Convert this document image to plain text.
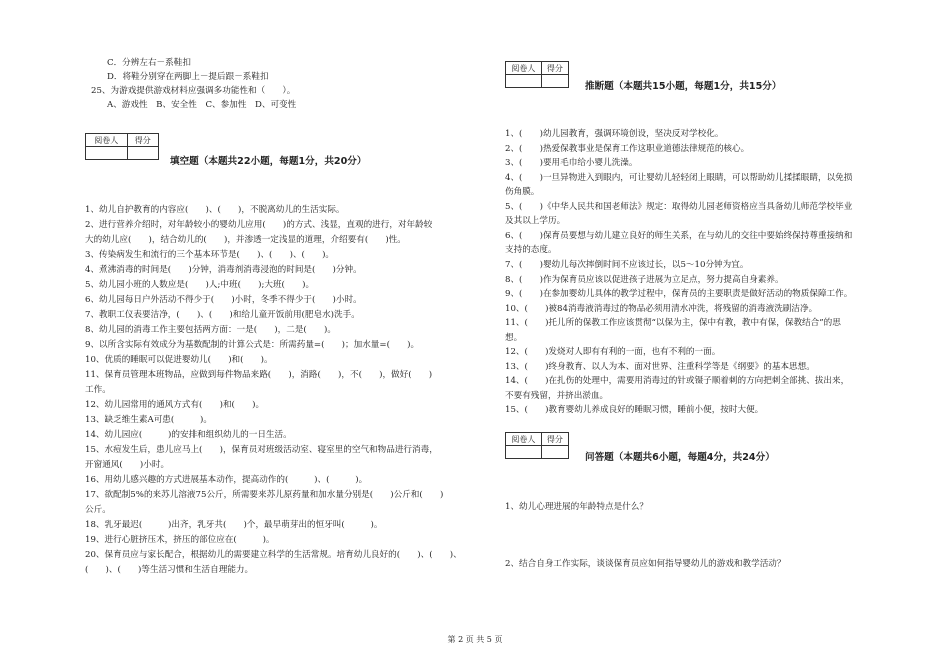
C．分辨左右－系鞋扣
D．将鞋分别穿在两脚上－提后跟－系鞋扣
25、为游戏提供游戏材料应强调多功能性和（　　）。
A、游戏性　B、安全性　C、参加性　D、可变性
阅卷人	得分

填空题（本题共22小题，每题1分，共20分）
1、幼儿自护教育的内容应(　　)、(　　)，不脱离幼儿的生活实际。
2、进行营养介绍时，对年龄较小的婴幼儿应用(　　)的方式、浅显，直观的进行，对年龄较
大的幼儿应(　　)，结合幼儿的(　　)，并渗透一定浅显的道理，介绍要有(　　)性。
3、传染病发生和流行的三个基本环节是(　　)、(　　)、(　　)。
4、煮沸消毒的时间是(　　)分钟，消毒剂消毒浸泡的时间是(　　)分钟。
5、幼儿园小班的人数应是(　　)人;中班(　　);大班(　　)。
6、幼儿园每日户外活动不得少于(　　)小时，冬季不得少于(　　)小时。
7、教职工仪表要洁净，(　　)、(　　)和给儿童开饭前用(肥皂水)洗手。
8、幼儿园的消毒工作主要包括两方面：一是(　　)，二是(　　)。
9、以所含实际有效成分为基数配制的计算公式是：所需药量=(　　)；加水量=(　　)。
10、优质的睡眠可以促进婴幼儿(　　)和(　　)。
11、保育员管理本班物品，应做到每件物品来路(　　)，消路(　　)，不(　　)，做好(　　)
工作。
12、幼儿园常用的通风方式有(　　)和(　　)。
13、缺乏维生素A可患(　　　)。
14、幼儿园应(　　　)的安排和组织幼儿的一日生活。
15、水痘发生后，患儿应马上(　　)，保育员对班级活动室、寝室里的空气和物品进行消毒，
开窗通风(　　)小时。
16、用幼儿感兴趣的方式进展基本动作，提高动作的(　　　)、(　　　)。
17、欲配制5%的来苏儿溶液75公斤，所需要来苏儿原药量和加水量分别是(　　)公斤和(　　)
公斤。
18、乳牙最迟(　　　)出齐，乳牙共(　　)个，最早萌芽出的恒牙叫(　　　)。
19、进行心脏挤压术，挤压的部位应在(　　　)。
20、保育员应与家长配合，根据幼儿的需要建立科学的生活常规。培育幼儿良好的(　　)、(　　)、
(　　)、(　　)等生活习惯和生活自理能力。
阅卷人	得分

推断题（本题共15小题，每题1分，共15分）
1、(　　)幼儿园教育，强调环境创设，坚决反对学校化。
2、(　　)热爱保教事业是保育工作这职业道德法律规范的核心。
3、(　　)要用毛巾给小婴儿洗澡。
4、(　　)一旦异物进入到眼内，可让婴幼儿轻轻闭上眼睛，可以帮助幼儿揉揉眼睛，以免损
伤角膜。
5、(　　)《中华人民共和国老师法》规定：取得幼儿园老师资格应当具备幼儿师范学校毕业
及其以上学历。
6、(　　)保育员要想与幼儿建立良好的师生关系，在与幼儿的交往中要始终保持尊重接纳和
支持的态度。
7、(　　)婴幼儿每次摔倒时间不应该过长，以5～10分钟为宜。
8、(　　)作为保育员应该以促进孩子进展为立足点，努力提高自身素养。
9、(　　)在参加婴幼儿具体的教学过程中，保育员的主要职责是做好活动的物质保障工作。
10、(　　)被84消毒液消毒过的物品必须用清水冲洗，将残留的消毒液洗刷洁净。
11、(　　)托儿所的保教工作应该贯彻“以保为主，保中有教，教中有保，保教结合”的思
想。
12、(　　)发烧对人即有有利的一面，也有不利的一面。
13、(　　)终身教育、以人为本、面对世界、注重科学等是《纲要》的基本思想。
14、(　　)在扎伤的处理中，需要用消毒过的针或镊子顺着刺的方向把刺全部挑、拔出来，
不要有残留，并挤出淤血。
15、(　　)教育婴幼儿养成良好的睡眠习惯，睡前小便，按时大便。
阅卷人	得分

问答题（本题共6小题，每题4分，共24分）
1、幼儿心理进展的年龄特点是什么？
2、结合自身工作实际，谈谈保育员应如何指导婴幼儿的游戏和教学活动？
第 2 页 共 5 页
